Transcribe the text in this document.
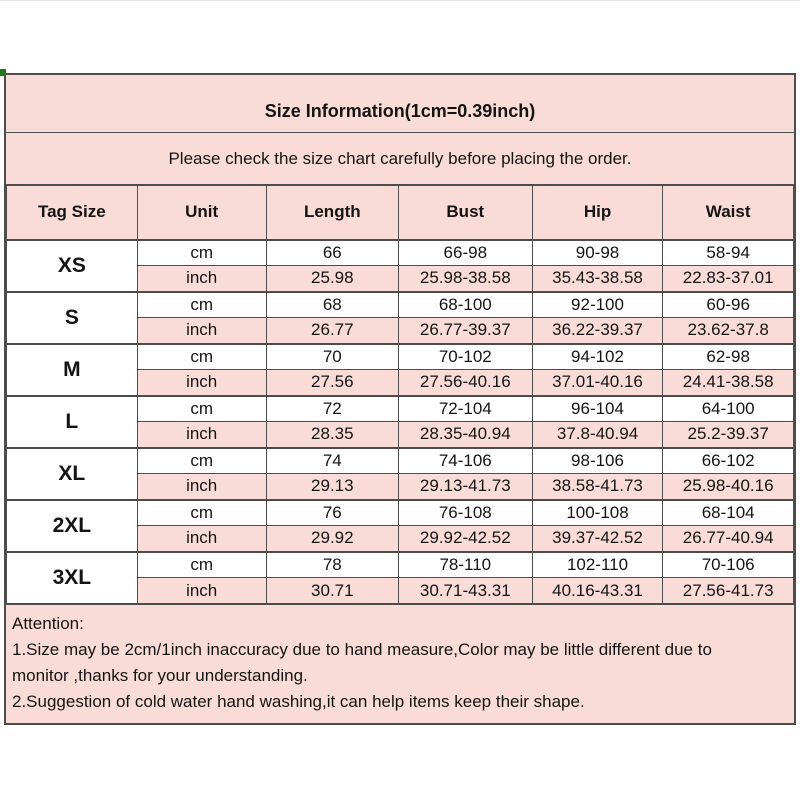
Size Information(1cm=0.39inch)
Please check the size chart carefully before placing the order.
Tag Size	Unit	Length	Bust	Hip	Waist
XS	cm	66	66-98	90-98	58-94
	inch	25.98	25.98-38.58	35.43-38.58	22.83-37.01
S	cm	68	68-100	92-100	60-96
	inch	26.77	26.77-39.37	36.22-39.37	23.62-37.8
M	cm	70	70-102	94-102	62-98
	inch	27.56	27.56-40.16	37.01-40.16	24.41-38.58
L	cm	72	72-104	96-104	64-100
	inch	28.35	28.35-40.94	37.8-40.94	25.2-39.37
XL	cm	74	74-106	98-106	66-102
	inch	29.13	29.13-41.73	38.58-41.73	25.98-40.16
2XL	cm	76	76-108	100-108	68-104
	inch	29.92	29.92-42.52	39.37-42.52	26.77-40.94
3XL	cm	78	78-110	102-110	70-106
	inch	30.71	30.71-43.31	40.16-43.31	27.56-41.73
Attention:
1.Size may be 2cm/1inch inaccuracy due to hand measure,Color may be little different due to
monitor ,thanks for your understanding.
2.Suggestion of cold water hand washing,it can help items keep their shape.
